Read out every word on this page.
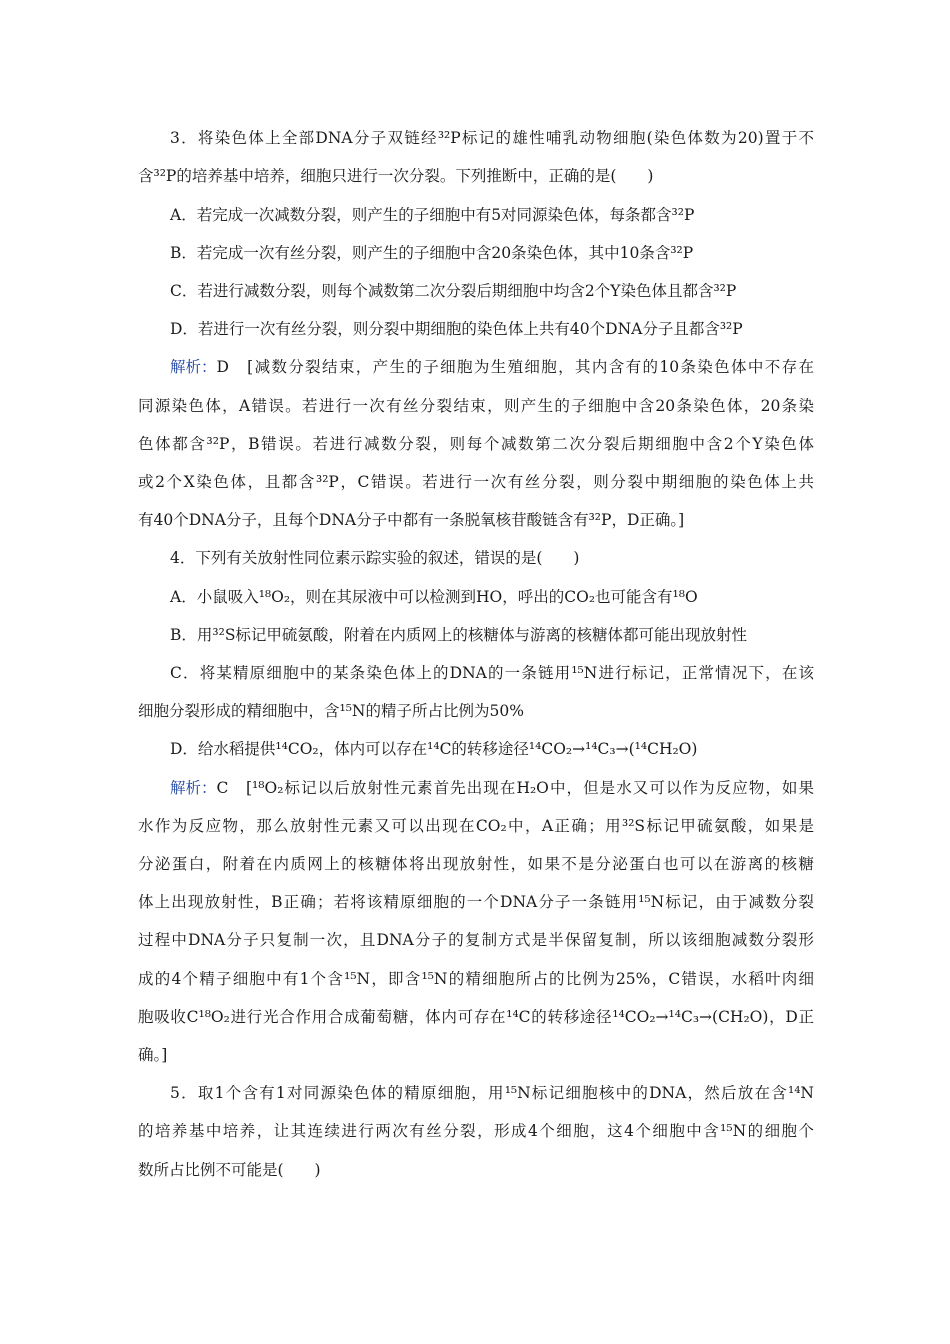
3．将染色体上全部DNA分子双链经³²P标记的雄性哺乳动物细胞(染色体数为20)置于不
含³²P的培养基中培养，细胞只进行一次分裂。下列推断中，正确的是(　　)
A．若完成一次减数分裂，则产生的子细胞中有5对同源染色体，每条都含³²P
B．若完成一次有丝分裂，则产生的子细胞中含20条染色体，其中10条含³²P
C．若进行减数分裂，则每个减数第二次分裂后期细胞中均含2个Y染色体且都含³²P
D．若进行一次有丝分裂，则分裂中期细胞的染色体上共有40个DNA分子且都含³²P
解析： D　[减数分裂结束，产生的子细胞为生殖细胞，其内含有的10条染色体中不存在
同源染色体，A错误。若进行一次有丝分裂结束，则产生的子细胞中含20条染色体，20条染
色体都含³²P，B错误。若进行减数分裂，则每个减数第二次分裂后期细胞中含2个Y染色体
或2个X染色体，且都含³²P，C错误。若进行一次有丝分裂，则分裂中期细胞的染色体上共
有40个DNA分子，且每个DNA分子中都有一条脱氧核苷酸链含有³²P，D正确。]
4．下列有关放射性同位素示踪实验的叙述，错误的是(　　)
A．小鼠吸入¹⁸O₂，则在其尿液中可以检测到HO，呼出的CO₂也可能含有¹⁸O
B．用³²S标记甲硫氨酸，附着在内质网上的核糖体与游离的核糖体都可能出现放射性
C．将某精原细胞中的某条染色体上的DNA的一条链用¹⁵N进行标记，正常情况下，在该
细胞分裂形成的精细胞中，含¹⁵N的精子所占比例为50%
D．给水稻提供¹⁴CO₂，体内可以存在¹⁴C的转移途径¹⁴CO₂→¹⁴C₃→(¹⁴CH₂O)
解析： C　[¹⁸O₂标记以后放射性元素首先出现在H₂O中，但是水又可以作为反应物，如果
水作为反应物，那么放射性元素又可以出现在CO₂中，A正确；用³²S标记甲硫氨酸，如果是
分泌蛋白，附着在内质网上的核糖体将出现放射性，如果不是分泌蛋白也可以在游离的核糖
体上出现放射性，B正确；若将该精原细胞的一个DNA分子一条链用¹⁵N标记，由于减数分裂
过程中DNA分子只复制一次，且DNA分子的复制方式是半保留复制，所以该细胞减数分裂形
成的4个精子细胞中有1个含¹⁵N，即含¹⁵N的精细胞所占的比例为25%，C错误，水稻叶肉细
胞吸收C¹⁸O₂进行光合作用合成葡萄糖，体内可存在¹⁴C的转移途径¹⁴CO₂→¹⁴C₃→(CH₂O)，D正
确。]
5．取1个含有1对同源染色体的精原细胞，用¹⁵N标记细胞核中的DNA，然后放在含¹⁴N
的培养基中培养，让其连续进行两次有丝分裂，形成4个细胞，这4个细胞中含¹⁵N的细胞个
数所占比例不可能是(　　)
